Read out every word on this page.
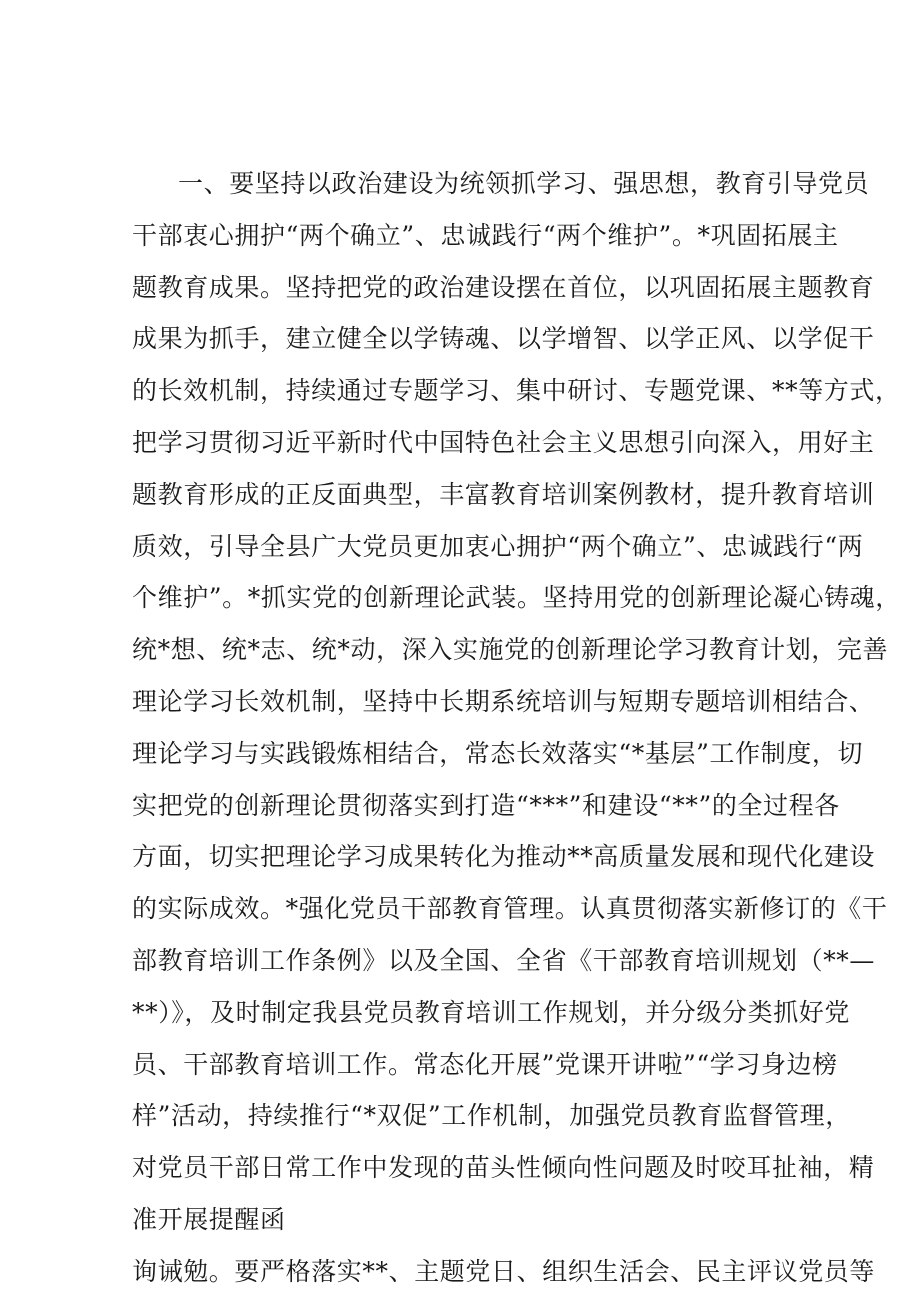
一、要坚持以政治建设为统领抓学习、强思想，教育引导党员
干部衷心拥护“两个确立”、忠诚践行“两个维护”。*巩固拓展主
题教育成果。坚持把党的政治建设摆在首位，以巩固拓展主题教育
成果为抓手，建立健全以学铸魂、以学增智、以学正风、以学促干
的长效机制，持续通过专题学习、集中研讨、专题党课、**等方式，
把学习贯彻习近平新时代中国特色社会主义思想引向深入，用好主
题教育形成的正反面典型，丰富教育培训案例教材，提升教育培训
质效，引导全县广大党员更加衷心拥护“两个确立”、忠诚践行“两
个维护”。*抓实党的创新理论武装。坚持用党的创新理论凝心铸魂，
统*想、统*志、统*动，深入实施党的创新理论学习教育计划，完善
理论学习长效机制，坚持中长期系统培训与短期专题培训相结合、
理论学习与实践锻炼相结合，常态长效落实“*基层”工作制度，切
实把党的创新理论贯彻落实到打造“***”和建设“**”的全过程各
方面，切实把理论学习成果转化为推动**高质量发展和现代化建设
的实际成效。*强化党员干部教育管理。认真贯彻落实新修订的《干
部教育培训工作条例》以及全国、全省《干部教育培训规划（**—
**）》，及时制定我县党员教育培训工作规划，并分级分类抓好党
员、干部教育培训工作。常态化开展”党课开讲啦”“学习身边榜
样”活动，持续推行“*双促”工作机制，加强党员教育监督管理，
对党员干部日常工作中发现的苗头性倾向性问题及时咬耳扯袖，精
准开展提醒函
询诫勉。要严格落实**、主题党日、组织生活会、民主评议党员等
